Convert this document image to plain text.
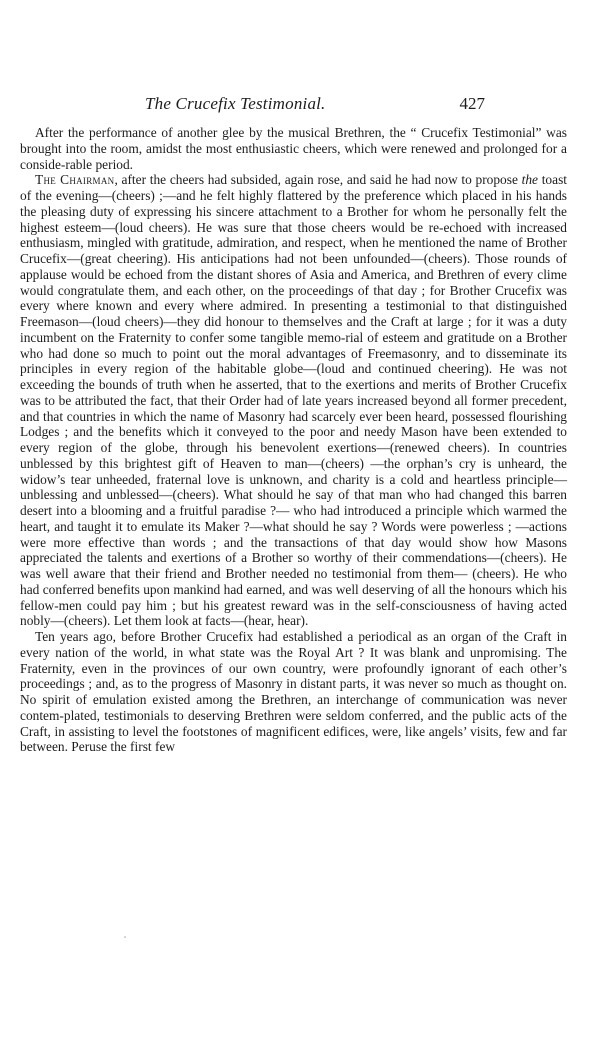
The Crucefix Testimonial.	427

After the performance of another glee by the musical Brethren, the “ Crucefix Testimonial” was brought into the room, amidst the most enthusiastic cheers, which were renewed and prolonged for a conside-rable period.

The Chairman, after the cheers had subsided, again rose, and said he had now to propose the toast of the evening—(cheers) ;—and he felt highly flattered by the preference which placed in his hands the pleasing duty of expressing his sincere attachment to a Brother for whom he personally felt the highest esteem—(loud cheers). He was sure that those cheers would be re-echoed with increased enthusiasm, mingled with gratitude, admiration, and respect, when he mentioned the name of Brother Crucefix—(great cheering). His anticipations had not been unfounded—(cheers). Those rounds of applause would be echoed from the distant shores of Asia and America, and Brethren of every clime would congratulate them, and each other, on the proceedings of that day ; for Brother Crucefix was every where known and every where admired. In presenting a testimonial to that distinguished Freemason—(loud cheers)—they did honour to themselves and the Craft at large ; for it was a duty incumbent on the Fraternity to confer some tangible memo-rial of esteem and gratitude on a Brother who had done so much to point out the moral advantages of Freemasonry, and to disseminate its principles in every region of the habitable globe—(loud and continued cheering). He was not exceeding the bounds of truth when he asserted, that to the exertions and merits of Brother Crucefix was to be attributed the fact, that their Order had of late years increased beyond all former precedent, and that countries in which the name of Masonry had scarcely ever been heard, possessed flourishing Lodges ; and the benefits which it conveyed to the poor and needy Mason have been extended to every region of the globe, through his benevolent exertions—(renewed cheers). In countries unblessed by this brightest gift of Heaven to man—(cheers) —the orphan’s cry is unheard, the widow’s tear unheeded, fraternal love is unknown, and charity is a cold and heartless principle—unblessing and unblessed—(cheers). What should he say of that man who had changed this barren desert into a blooming and a fruitful paradise ?— who had introduced a principle which warmed the heart, and taught it to emulate its Maker ?—what should he say ? Words were powerless ; —actions were more effective than words ; and the transactions of that day would show how Masons appreciated the talents and exertions of a Brother so worthy of their commendations—(cheers). He was well aware that their friend and Brother needed no testimonial from them— (cheers). He who had conferred benefits upon mankind had earned, and was well deserving of all the honours which his fellow-men could pay him ; but his greatest reward was in the self-consciousness of having acted nobly—(cheers). Let them look at facts—(hear, hear).

Ten years ago, before Brother Crucefix had established a periodical as an organ of the Craft in every nation of the world, in what state was the Royal Art ? It was blank and unpromising. The Fraternity, even in the provinces of our own country, were profoundly ignorant of each other’s proceedings ; and, as to the progress of Masonry in distant parts, it was never so much as thought on. No spirit of emulation existed among the Brethren, an interchange of communication was never contem-plated, testimonials to deserving Brethren were seldom conferred, and the public acts of the Craft, in assisting to level the footstones of magnificent edifices, were, like angels’ visits, few and far between. Peruse the first few
